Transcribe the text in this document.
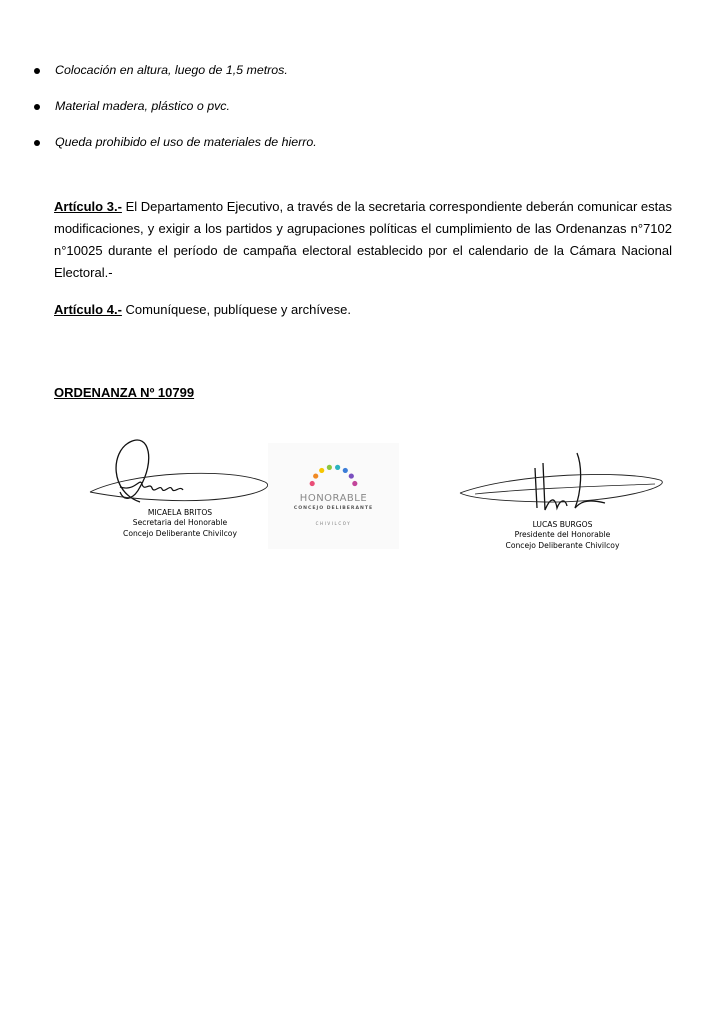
Colocación en altura, luego de 1,5 metros.
Material madera, plástico o pvc.
Queda prohibido el uso de materiales de hierro.
Artículo 3.- El Departamento Ejecutivo, a través de la secretaria correspondiente deberán comunicar estas modificaciones, y exigir a los partidos y agrupaciones políticas el cumplimiento de las Ordenanzas n°7102 n°10025 durante el período de campaña electoral establecido por el calendario de la Cámara Nacional Electoral.-
Artículo 4.- Comuníquese, publíquese y archívese.
ORDENANZA Nº 10799
MICAELA BRITOS
Secretaria del Honorable
Concejo Deliberante Chivilcoy
HONORABLE
CONCEJO DELIBERANTE
CHIVILCOY	LUCAS BURGOS
Presidente del Honorable
Concejo Deliberante Chivilcoy
